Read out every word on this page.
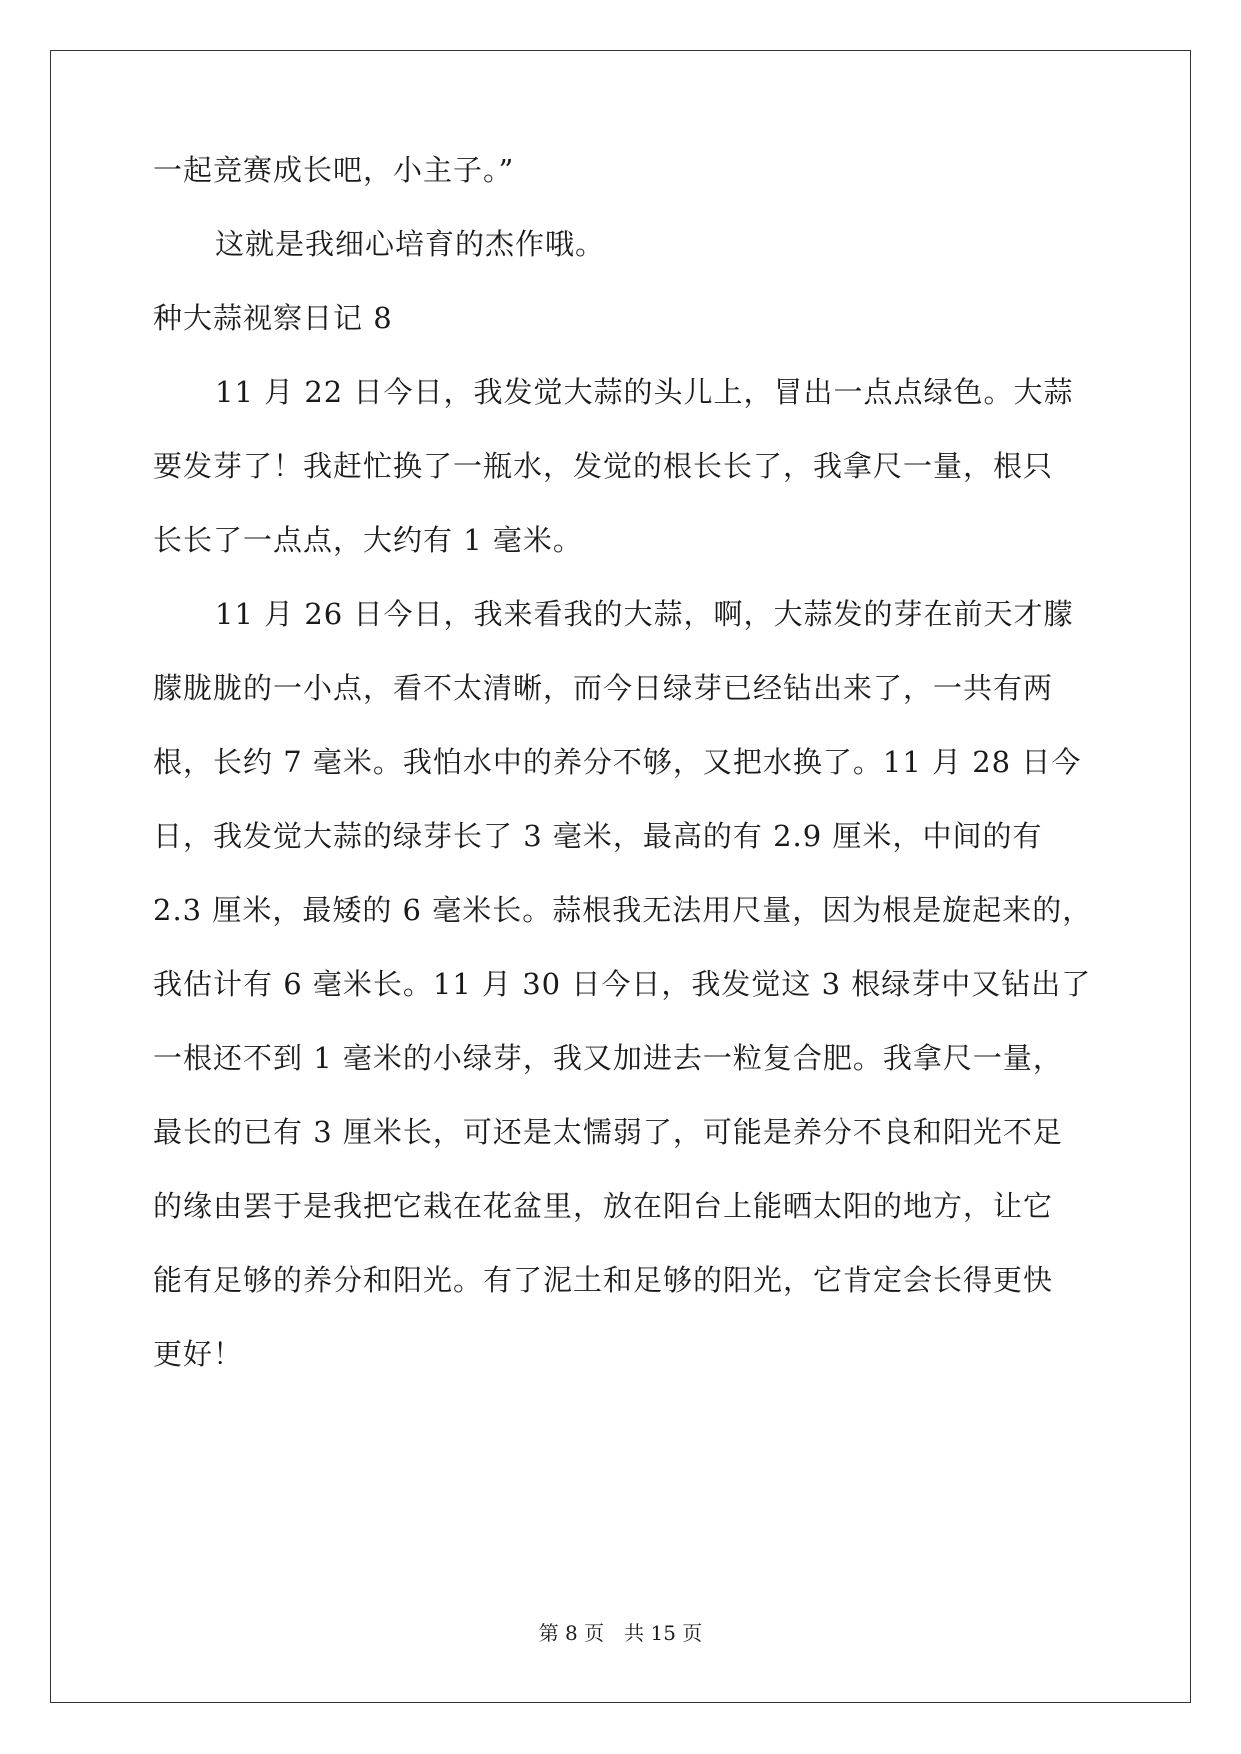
一起竞赛成长吧，小主子。”
这就是我细心培育的杰作哦。
种大蒜视察日记 8
11 月 22 日今日，我发觉大蒜的头儿上，冒出一点点绿色。大蒜
要发芽了！我赶忙换了一瓶水，发觉的根长长了，我拿尺一量，根只
长长了一点点，大约有 1 毫米。
11 月 26 日今日，我来看我的大蒜，啊，大蒜发的芽在前天才朦
朦胧胧的一小点，看不太清晰，而今日绿芽已经钻出来了，一共有两
根，长约 7 毫米。我怕水中的养分不够，又把水换了。11 月 28 日今
日，我发觉大蒜的绿芽长了 3 毫米，最高的有 2.9 厘米，中间的有
2.3 厘米，最矮的 6 毫米长。蒜根我无法用尺量，因为根是旋起来的，
我估计有 6 毫米长。11 月 30 日今日，我发觉这 3 根绿芽中又钻出了
一根还不到 1 毫米的小绿芽，我又加进去一粒复合肥。我拿尺一量，
最长的已有 3 厘米长，可还是太懦弱了，可能是养分不良和阳光不足
的缘由罢于是我把它栽在花盆里，放在阳台上能晒太阳的地方，让它
能有足够的养分和阳光。有了泥土和足够的阳光，它肯定会长得更快
更好！
第 8 页 共 15 页
